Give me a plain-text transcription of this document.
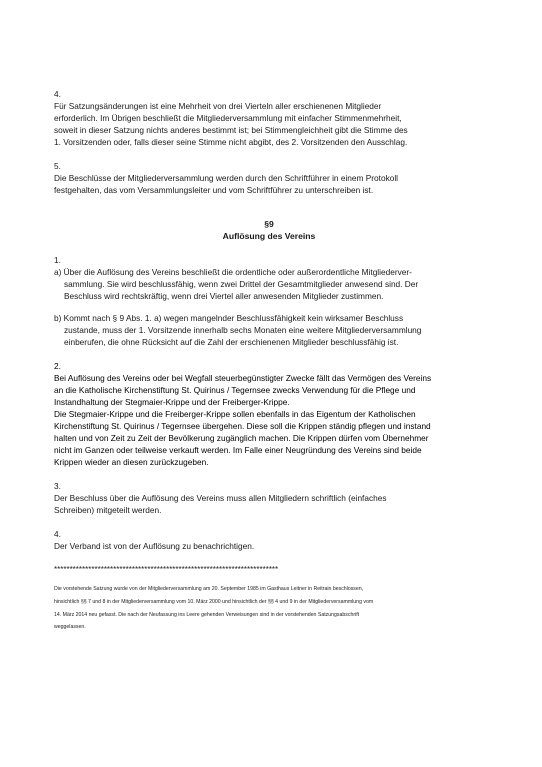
4.

Für Satzungsänderungen ist eine Mehrheit von drei Vierteln aller erschienenen Mitglieder

erforderlich. Im Übrigen beschließt die Mitgliederversammlung mit einfacher Stimmenmehrheit,

soweit in dieser Satzung nichts anderes bestimmt ist; bei Stimmengleichheit gibt die Stimme des

1. Vorsitzenden oder, falls dieser seine Stimme nicht abgibt, des 2. Vorsitzenden den Ausschlag.

5.

Die Beschlüsse der Mitgliederversammlung werden durch den Schriftführer in einem Protokoll

festgehalten, das vom Versammlungsleiter und vom Schriftführer zu unterschreiben ist.

§9

Auflösung des Vereins

1.

a) Über die Auflösung des Vereins beschließt die ordentliche oder außerordentliche Mitgliederver-

sammlung. Sie wird beschlussfähig, wenn zwei Drittel der Gesamtmitglieder anwesend sind. Der

Beschluss wird rechtskräftig, wenn drei Viertel aller anwesenden Mitglieder zustimmen.

b) Kommt nach § 9 Abs. 1. a) wegen mangelnder Beschlussfähigkeit kein wirksamer Beschluss

zustande, muss der 1. Vorsitzende innerhalb sechs Monaten eine weitere Mitgliederversammlung

einberufen, die ohne Rücksicht auf die Zahl der erschienenen Mitglieder beschlussfähig ist.

2.

Bei Auflösung des Vereins oder bei Wegfall steuerbegünstigter Zwecke fällt das Vermögen des Vereins

an die Katholische Kirchenstiftung St. Quirinus / Tegernsee zwecks Verwendung für die Pflege und

Instandhaltung der Stegmaier-Krippe und der Freiberger-Krippe.

Die Stegmaier-Krippe und die Freiberger-Krippe sollen ebenfalls in das Eigentum der Katholischen

Kirchenstiftung St. Quirinus / Tegernsee übergehen. Diese soll die Krippen ständig pflegen und instand

halten und von Zeit zu Zeit der Bevölkerung zugänglich machen. Die Krippen dürfen vom Übernehmer

nicht im Ganzen oder teilweise verkauft werden. Im Falle einer Neugründung des Vereins sind beide

Krippen wieder an diesen zurückzugeben.

3.

Der Beschluss über die Auflösung des Vereins muss allen Mitgliedern schriftlich (einfaches

Schreiben) mitgeteilt werden.

4.

Der Verband ist von der Auflösung zu benachrichtigen.

************************************************************************

Die vorstehende Satzung wurde von der Mitgliederversammlung am 20. September 1985 im Gasthaus Leitner in Reitrain beschlossen,

hinsichtlich §§ 7 und 8 in der Mitgliederversammlung vom 10. März 2000 und hinsichtlich der §§ 4 und 9 in der Mitgliederversammlung vom

14. März 2014 neu gefasst. Die nach der Neufassung ins Leere gehenden Verweisungen sind in der vorstehenden Satzungsabschrift

weggelassen.
